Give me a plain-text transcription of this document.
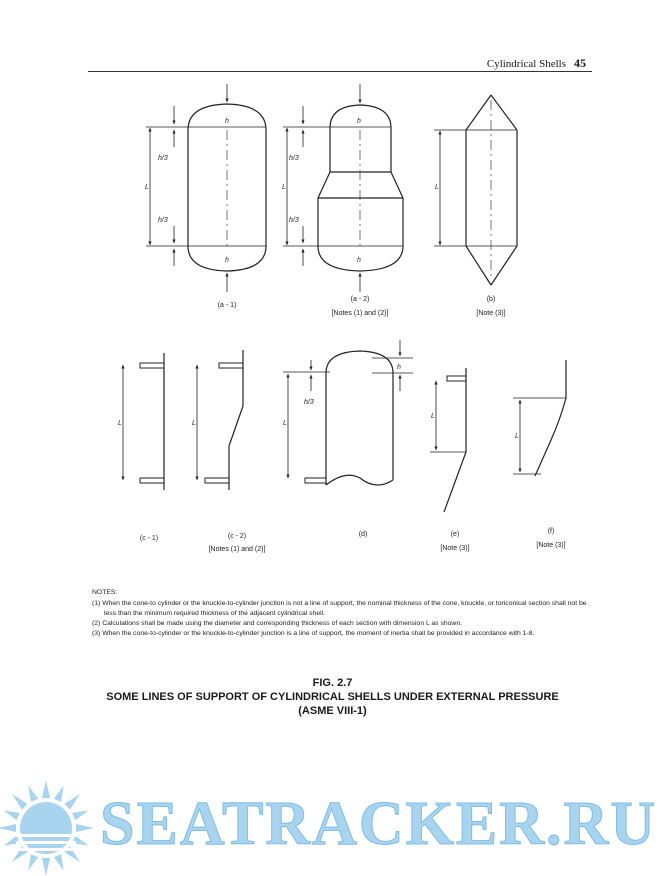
Cylindrical Shells 45
h
h
h/3
h/3
L
h
h
h/3
h/3
L	L
L	L
h
h/3
L
L
L
(a - 1)
(a - 2)
[Notes (1) and (2)]
(b)
[Note (3)]
(c - 1)	(c - 2)
[Notes (1) and (2)]
(d)	(e)
[Note (3)]
(f)
[Note (3)]
NOTES:
(1) When the cone-to cylinder or the knuckle-to-cylinder junction is not a line of support, the nominal thickness of the cone, knuckle, or toriconical section shall not be less than the minimum required thickness of the adjacent cylindrical shell.
(2) Calculations shall be made using the diameter and corresponding thickness of each section with dimension L as shown.
(3) When the cone-to-cylinder or the knuckle-to-cylinder junction is a line of support, the moment of inertia shall be provided in accordance with 1-8.
FIG. 2.7
SOME LINES OF SUPPORT OF CYLINDRICAL SHELLS UNDER EXTERNAL PRESSURE
(ASME VIII-1)
SEATRACKER.RU
